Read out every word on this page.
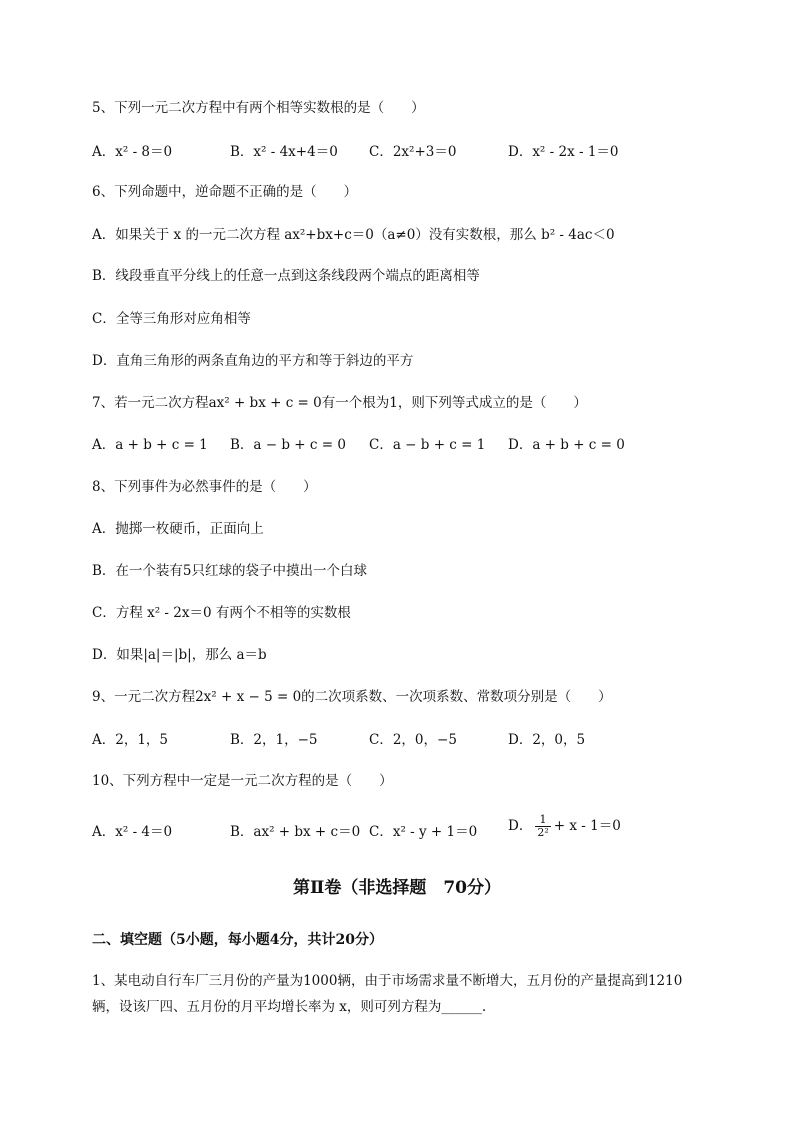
5、下列一元二次方程中有两个相等实数根的是（　　）
A．x² - 8＝0	B．x² - 4x+4＝0 C．2x²+3＝0	D．x² - 2x - 1＝0
6、下列命题中，逆命题不正确的是（　　）
A．如果关于 x 的一元二次方程 ax²+bx+c＝0（a≠0）没有实数根，那么 b² - 4ac＜0
B．线段垂直平分线上的任意一点到这条线段两个端点的距离相等
C．全等三角形对应角相等
D．直角三角形的两条直角边的平方和等于斜边的平方
7、若一元二次方程ax² + bx + c = 0有一个根为1，则下列等式成立的是（　　）
A．a + b + c = 1 B．a − b + c = 0 C．a − b + c = 1 D．a + b + c = 0
8、下列事件为必然事件的是（　　）
A．抛掷一枚硬币，正面向上
B．在一个装有5只红球的袋子中摸出一个白球
C．方程 x² - 2x＝0 有两个不相等的实数根
D．如果|a|＝|b|，那么 a＝b
9、一元二次方程2x² + x − 5 = 0的二次项系数、一次项系数、常数项分别是（　　）
A．2，1，5	B．2，1，−5	C．2，0，−5	D．2，0，5
10、下列方程中一定是一元二次方程的是（　　）
A．x² - 4＝0	B．ax² + bx + c＝0 C．x² - y + 1＝0 D． $\frac{1}{\text{2²}} + x - 1=0$
第Ⅱ卷（非选择题　70分）
二、填空题（5小题，每小题4分，共计20分）
1、某电动自行车厂三月份的产量为1000辆，由于市场需求量不断增大，五月份的产量提高到1210
辆，设该厂四、五月份的月平均增长率为 x，则可列方程为______.
